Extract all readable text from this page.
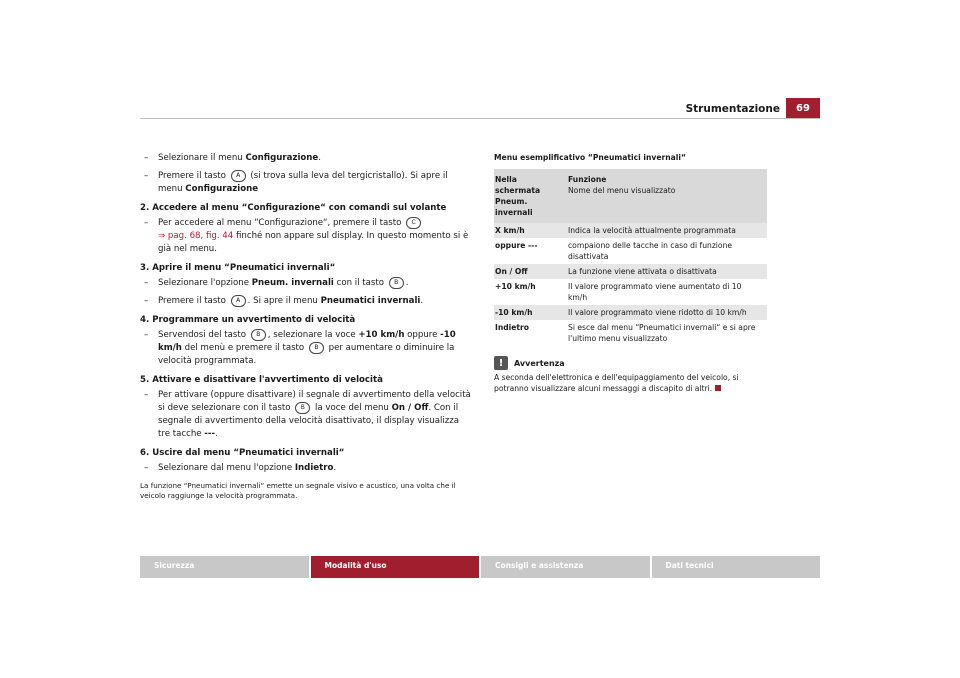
Strumentazione	69
–	Selezionare il menu Configurazione.
–	Premere il tasto A (si trova sulla leva del tergicristallo). Si apre il menu Configurazione
2. Accedere al menu “Configurazione“ con comandi sul volante
–	Per accedere al menu “Configurazione“, premere il tasto C
⇒ pag. 68, fig. 44 finché non appare sul display. In questo momento si è già nel menu.
3. Aprire il menu “Pneumatici invernali“
–	Selezionare l'opzione Pneum. invernali con il tasto B .
–	Premere il tasto A . Si apre il menu Pneumatici invernali.
4. Programmare un avvertimento di velocità
–	Servendosi del tasto B , selezionare la voce +10 km/h oppure -10 km/h del menù e premere il tasto B per aumentare o diminuire la velocità programmata.
5. Attivare e disattivare l'avvertimento di velocità
–	Per attivare (oppure disattivare) il segnale di avvertimento della velocità si deve selezionare con il tasto B la voce del menu On / Off. Con il segnale di avvertimento della velocità disattivato, il display visualizza tre tacche ---.
6. Uscire dal menu “Pneumatici invernali“
–	Selezionare dal menu l'opzione Indietro.
La funzione “Pneumatici invernali“ emette un segnale visivo e acustico, una volta che il veicolo raggiunge la velocità programmata.
Menu esemplificativo “Pneumatici invernali“
Nella schermata Pneum. invernali	Funzione
Nome del menu visualizzato
X km/h	Indica la velocità attualmente programmata
oppure ---	compaiono delle tacche in caso di funzione disattivata
On / Off	La funzione viene attivata o disattivata
+10 km/h	Il valore programmato viene aumentato di 10 km/h
-10 km/h	Il valore programmato viene ridotto di 10 km/h
Indietro	Si esce dal menu “Pneumatici invernali“ e si apre l'ultimo menu visualizzato
!	Avvertenza
A seconda dell'elettronica e dell'equipaggiamento del veicolo, si potranno visualizzare alcuni messaggi a discapito di altri.
Sicurezza	Modalità d'uso	Consigli e assistenza	Dati tecnici
